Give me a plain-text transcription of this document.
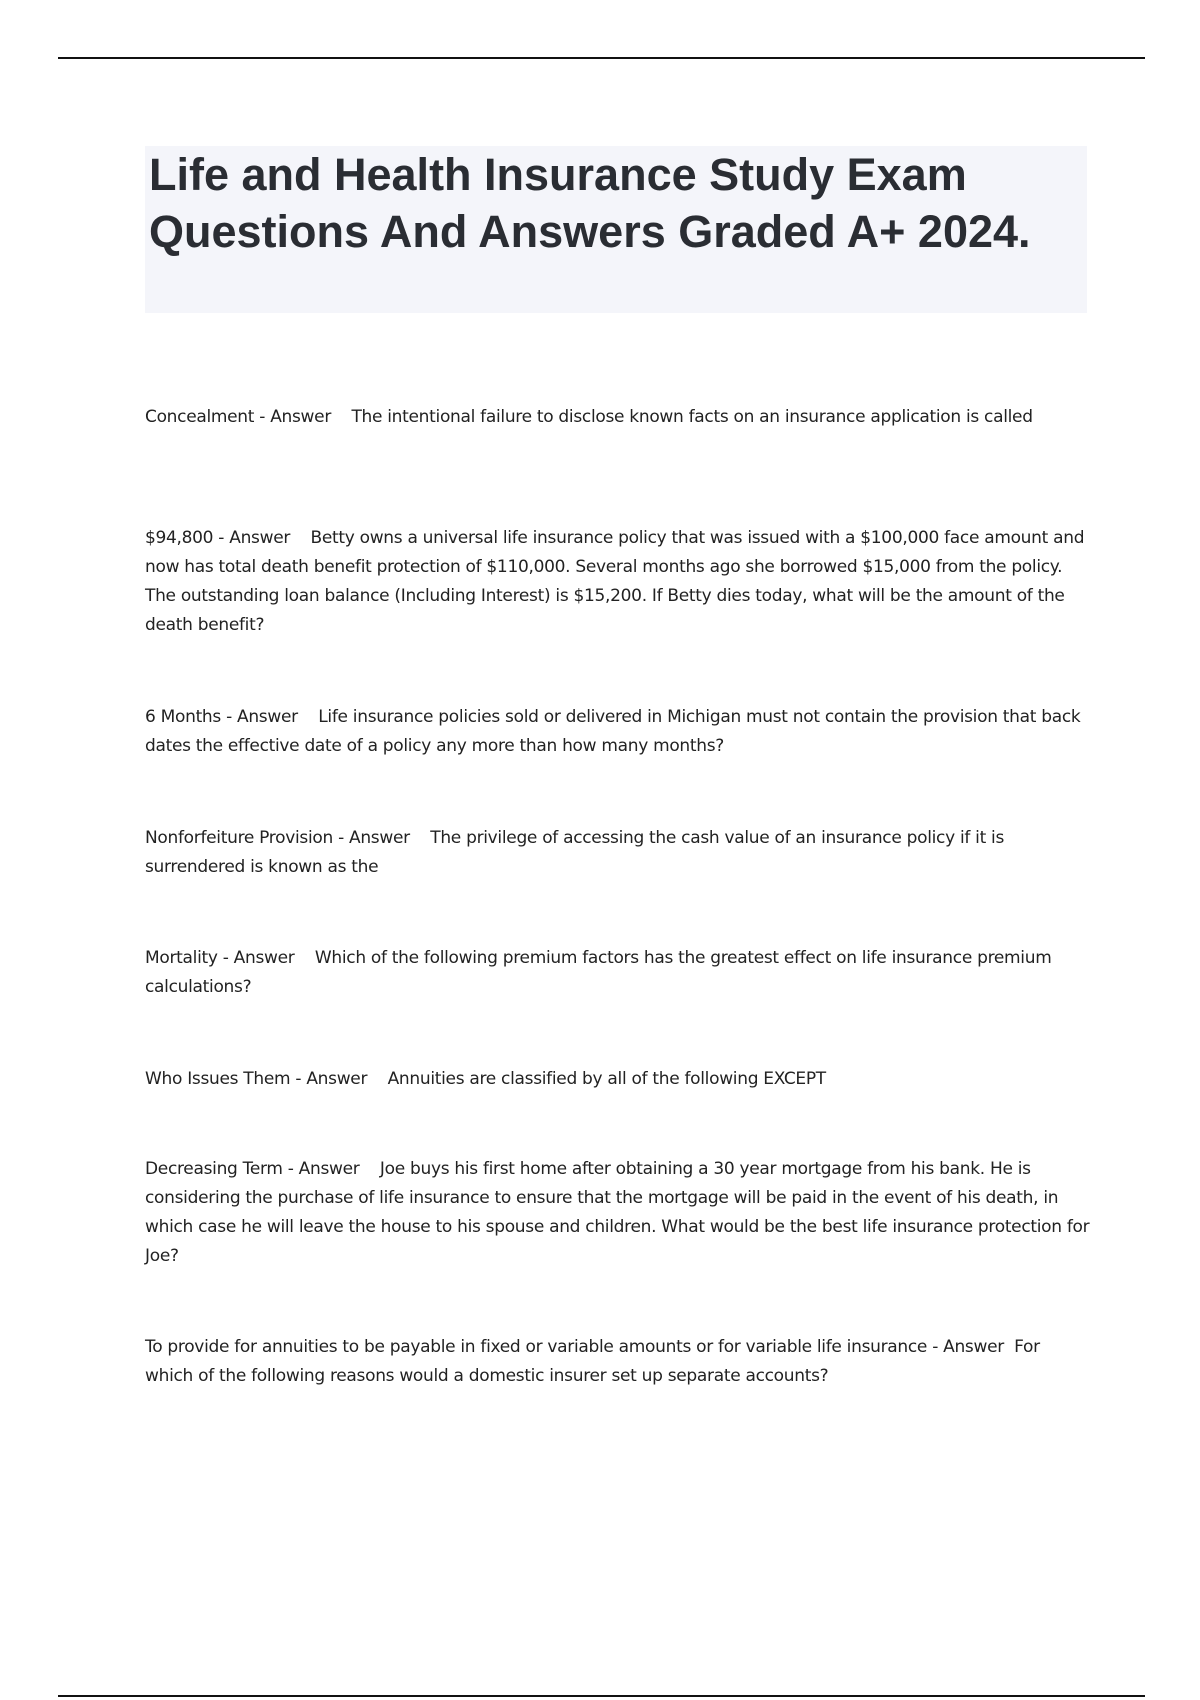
Life and Health Insurance Study Exam Questions And Answers Graded A+ 2024.
Concealment - Answer The intentional failure to disclose known facts on an insurance application is called
$94,800 - Answer Betty owns a universal life insurance policy that was issued with a $100,000 face amount and now has total death benefit protection of $110,000. Several months ago she borrowed $15,000 from the policy. The outstanding loan balance (Including Interest) is $15,200. If Betty dies today, what will be the amount of the death benefit?
6 Months - Answer Life insurance policies sold or delivered in Michigan must not contain the provision that back dates the effective date of a policy any more than how many months?
Nonforfeiture Provision - Answer The privilege of accessing the cash value of an insurance policy if it is surrendered is known as the
Mortality - Answer Which of the following premium factors has the greatest effect on life insurance premium calculations?
Who Issues Them - Answer Annuities are classified by all of the following EXCEPT
Decreasing Term - Answer Joe buys his first home after obtaining a 30 year mortgage from his bank. He is considering the purchase of life insurance to ensure that the mortgage will be paid in the event of his death, in which case he will leave the house to his spouse and children. What would be the best life insurance protection for Joe?
To provide for annuities to be payable in fixed or variable amounts or for variable life insurance - Answer For which of the following reasons would a domestic insurer set up separate accounts?
